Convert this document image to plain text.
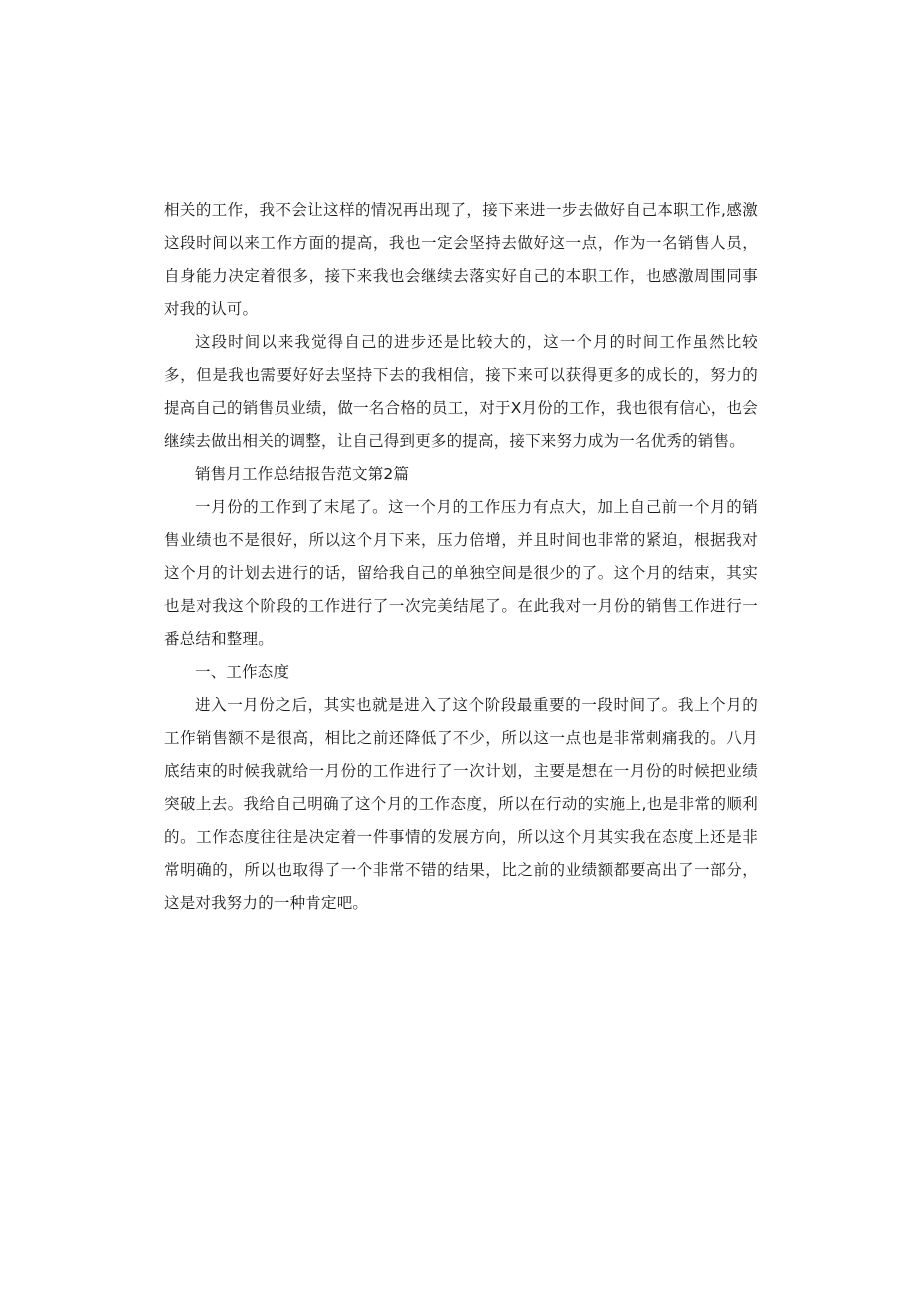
相关的工作，我不会让这样的情况再出现了，接下来进一步去做好自己本职工作,感激这段时间以来工作方面的提高，我也一定会坚持去做好这一点，作为一名销售人员，自身能力决定着很多，接下来我也会继续去落实好自己的本职工作，也感激周围同事对我的认可。

这段时间以来我觉得自己的进步还是比较大的，这一个月的时间工作虽然比较多，但是我也需要好好去坚持下去的我相信，接下来可以获得更多的成长的，努力的提高自己的销售员业绩，做一名合格的员工，对于X月份的工作，我也很有信心，也会继续去做出相关的调整，让自己得到更多的提高，接下来努力成为一名优秀的销售。

销售月工作总结报告范文第2篇

一月份的工作到了末尾了。这一个月的工作压力有点大，加上自己前一个月的销售业绩也不是很好，所以这个月下来，压力倍增，并且时间也非常的紧迫，根据我对这个月的计划去进行的话，留给我自己的单独空间是很少的了。这个月的结束，其实也是对我这个阶段的工作进行了一次完美结尾了。在此我对一月份的销售工作进行一番总结和整理。

一、工作态度

进入一月份之后，其实也就是进入了这个阶段最重要的一段时间了。我上个月的工作销售额不是很高，相比之前还降低了不少，所以这一点也是非常刺痛我的。八月底结束的时候我就给一月份的工作进行了一次计划，主要是想在一月份的时候把业绩突破上去。我给自己明确了这个月的工作态度，所以在行动的实施上,也是非常的顺利的。工作态度往往是决定着一件事情的发展方向，所以这个月其实我在态度上还是非常明确的，所以也取得了一个非常不错的结果，比之前的业绩额都要高出了一部分，这是对我努力的一种肯定吧。
